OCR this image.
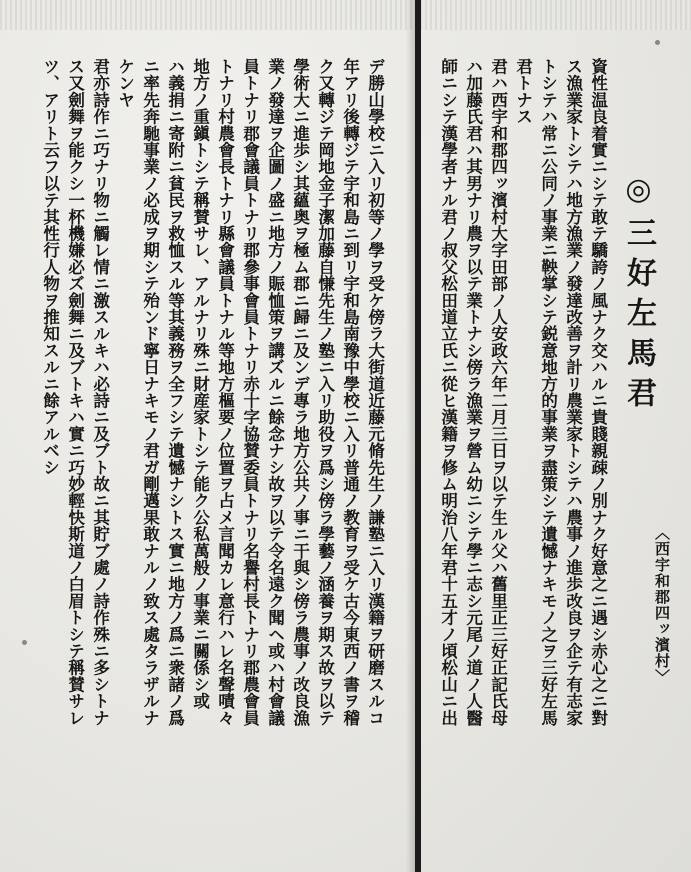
◎三好左馬君
〈西宇和郡四ッ濱村〉
資性温良着實ニシテ敢テ驕誇ノ風ナク交ハルニ貴賤親疎ノ別ナク好意之ニ遇シ赤心之ニ對
ス漁業家トシテハ地方漁業ノ發達改善ヲ計リ農業家トシテハ農事ノ進歩改良ヲ企テ有志家
トシテハ常ニ公同ノ事業ニ鞅掌シテ鋭意地方的事業ヲ盡策シテ遺憾ナキモノ之ヲ三好左馬
君トナス
君ハ西宇和郡四ッ濱村大字田部ノ人安政六年二月三日ヲ以テ生ル父ハ舊里正三好正記氏母
ハ加藤氏君ハ其男ナリ農ヲ以テ業トナシ傍ラ漁業ヲ營ム幼ニシテ學ニ志シ元尾ノ道ノ人醫
師ニシテ漢學者ナル君ノ叔父松田道立氏ニ從ヒ漢籍ヲ修ム明治八年君十五才ノ頃松山ニ出
デ勝山學校ニ入リ初等ノ學ヲ受ケ傍ラ大街道近藤元脩先生ノ謙塾ニ入リ漢籍ヲ研磨スルコ
年アリ後轉ジテ宇和島ニ到リ宇和島南豫中學校ニ入リ普通ノ教育ヲ受ケ古今東西ノ書ヲ稽
ク又轉ジテ岡地金子潔加藤自慊先生ノ塾ニ入リ助役ヲ爲シ傍ラ學藝ノ涵養ヲ期ス故ヲ以テ
學術大ニ進歩シ其蘊奥ヲ極ム郡ニ歸ニ及ンデ專ラ地方公共ノ事ニ干與シ傍ラ農事ノ改良漁
業ノ發達ヲ企圖ノ盛ニ地方ノ賑恤策ヲ講ズルニ餘念ナシ故ヲ以テ令名遠ク聞ヘ或ハ村會議
員トナリ郡會議員トナリ郡參事會員トナリ赤十字協賛委員トナリ名譽村長トナリ郡農會員
トナリ村農會長トナリ縣會議員トナル等地方樞要ノ位置ヲ占メ言聞カレ意行ハレ名聲嘖々
地方ノ重鎭トシテ稱賛サレ、アルナリ殊ニ財産家トシテ能ク公私萬般ノ事業ニ關係シ或
ハ義捐ニ寄附ニ貧民ヲ救恤スル等其義務ヲ全フシテ遺憾ナシトス實ニ地方ノ爲ニ衆諸ノ爲
ニ率先奔馳事業ノ必成ヲ期シテ殆ンド寧日ナキモノ君ガ剛邁果敢ナルノ致ス處タラザルナ
ケンヤ
君亦詩作ニ巧ナリ物ニ觸レ情ニ激スルキハ必詩ニ及ブト故ニ其貯ブ處ノ詩作殊ニ多シトナ
ス又劍舞ヲ能クシ一杯機嫌必ズ劍舞ニ及ブトキハ實ニ巧妙輕快斯道ノ白眉トシテ稱賛サレ
ツ、アリト云フ以テ其性行人物ヲ推知スルニ餘アルベシ
